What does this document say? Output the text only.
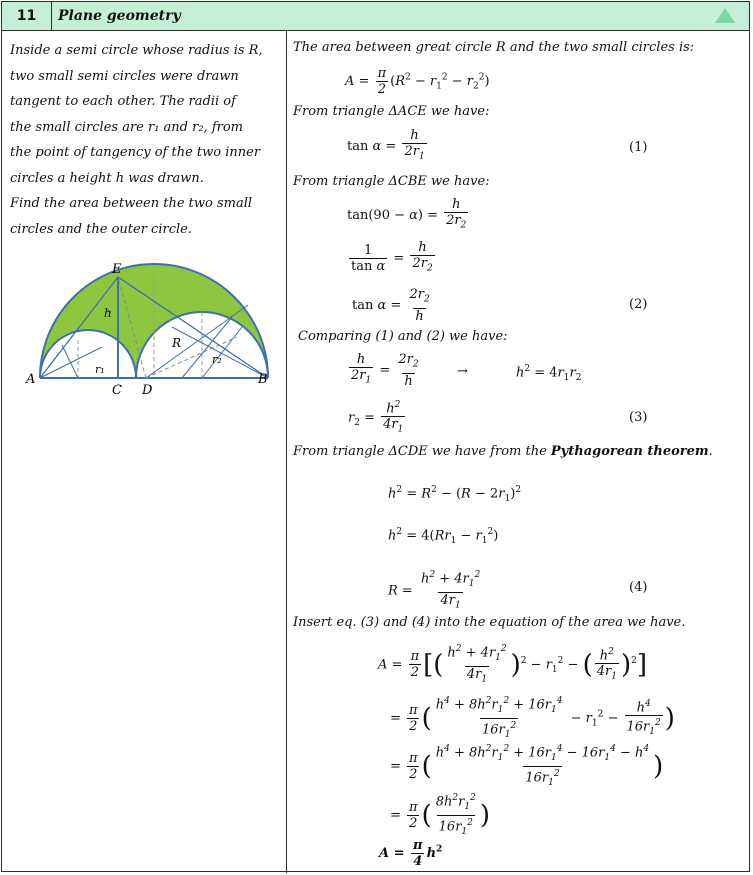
11	Plane geometry

Inside a semi circle whose radius is R,

two small semi circles were drawn

tangent to each other. The radii of

the small circles are r₁ and r₂, from

the point of tangency of the two inner

circles a height h was drawn.

Find the area between the two small

circles and the outer circle.

A	B
C D
E
h
R
r₁
r₂
The area between great circle R and the two small circles is:
$A = \frac{\pi}{2} (R^2 - r_1^2 - r_2^2)$
From triangle ΔACE we have:
$\tan \alpha = \frac{h}{2r_1}$	(1)
From triangle ΔCBE we have:
$\tan(90 - \alpha) = \frac{h}{2r_2}$
$\frac{1}{\text{tan α}} = \frac{h}{2r_2}$
$\tan \alpha = \frac{2r_2}{h}$	(2)
Comparing (1) and (2) we have:
$\frac{h}{2r_1} = \frac{2r_2}{h}$	→	$h^2 = 4r_1r_2$
$r_2 = \frac{h^2}{4r_1}$	(3)
From triangle ΔCDE we have from the Pythagorean theorem.
$h^2 = R^2 - (R - 2r_1)^2$
$h^2 = 4(Rr_1 - r_1^2)$
$R = \frac{h^2 + 4r_1^2}{4r_1}$	(4)
Insert eq. (3) and (4) into the equation of the area we have.
$A = \frac{\pi}{2}$ [( $\frac{h^2 + 4r_1^2}{4r_1} )^2 - r_1^2$ − ( $\frac{h^2}{4r_1} )^2$]
= $\frac{\pi}{2}$ ( $\frac{h^4 + 8h^2r_1^2 + 16r_1^4}{16r_1^2} - r_1^2 - \frac{h^4}{16r_1^2}$ )
= $\frac{\pi}{2}$ ( $\frac{h^4 + 8h^2r_1^2 + 16r_1^4 - 16r_1^4 - h^4}{16r_1^2}$ )
= $\frac{\pi}{2}$ ( $\frac{8h^2r_1^2}{16r_1^2}$ )
$A = \frac{\pi}{4} h^2$
